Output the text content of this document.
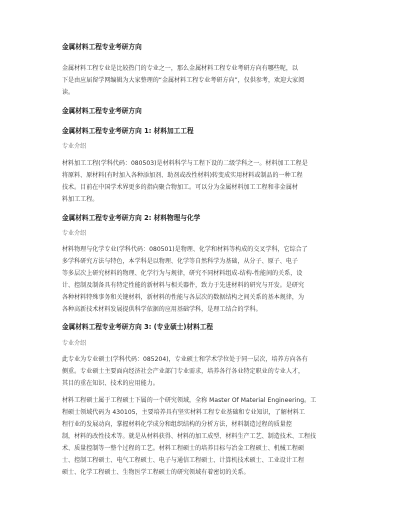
金属材料工程专业考研方向

金属材料工程专业是比较热门的专业之一，那么金属材料工程专业考研方向有哪些呢，以

下是由应届留学网编辑为大家整理的“金属材料工程专业考研方向”，仅供参考，欢迎大家阅

读。

金属材料工程专业考研方向

金属材料工程专业考研方向 1: 材料加工工程

专业介绍

材料加工工程(学科代码：080503)是材料科学与工程下设的二级学科之一。材料加工工程是

将原料、原材料(有时加入各种添加剂、助剂或改性材料)转变成实用材料或制品的一种工程

技术。目前在中国学术界更多的指向聚合物加工。可以分为金属材料加工工程和非金属材

料加工工程。

金属材料工程专业考研方向 2: 材料物理与化学

专业介绍

材料物理与化学专业(学科代码：080501)是物理、化学和材料等构成的交叉学科，它综合了

多学科研究方法与特色，本学科是以物理、化学等自然科学为基础，从分子、原子、电子

等多层次上研究材料的物理、化学行为与规律，研究不同材料组成-结构-性能间的关系，设

计、控制及制备具有特定性能的新材料与相关器件，致力于先进材料的研究与开发。是研究

各种材料特殊事务和关键材料，新材料的性能与各层次的数据结构之间关系的基本规律，为

各种高新技术材料发展提供科学依据的应用基础学科，是理工结合的学科。

金属材料工程专业考研方向 3: (专业硕士)材料工程

专业介绍

此专业为专业硕士(学科代码：085204)，专业硕士和学术学位处于同一层次，培养方向各有

侧重。专业硕士主要面向经济社会产业部门专业需求，培养各行各业特定职业的专业人才，

其目的重在知识、技术的应用能力。

材料工程硕士属于工程硕士下属的一个研究领域，全称 Master Of Material Engineering。工

程硕士领域代码为 430105，主要培养具有坚实材料工程专业基础和专业知识，了解材料工

程行业的发展动向，掌握材料化学成分和组织结构的分析方法，材料制造过程的质量控

制，材料的改性技术等。就是从材料获得、材料的加工成型、材料生产工艺、制造技术、工程技

术、质量控制等一整个过程的工艺。材料工程硕士的培养目标与冶金工程硕士、机械工程硕

士、控制工程硕士、电气工程硕士、电子与通信工程硕士、计算机技术硕士、工业设计工程

硕士、化学工程硕士、生物医学工程硕士的研究领域有着密切的关系。
